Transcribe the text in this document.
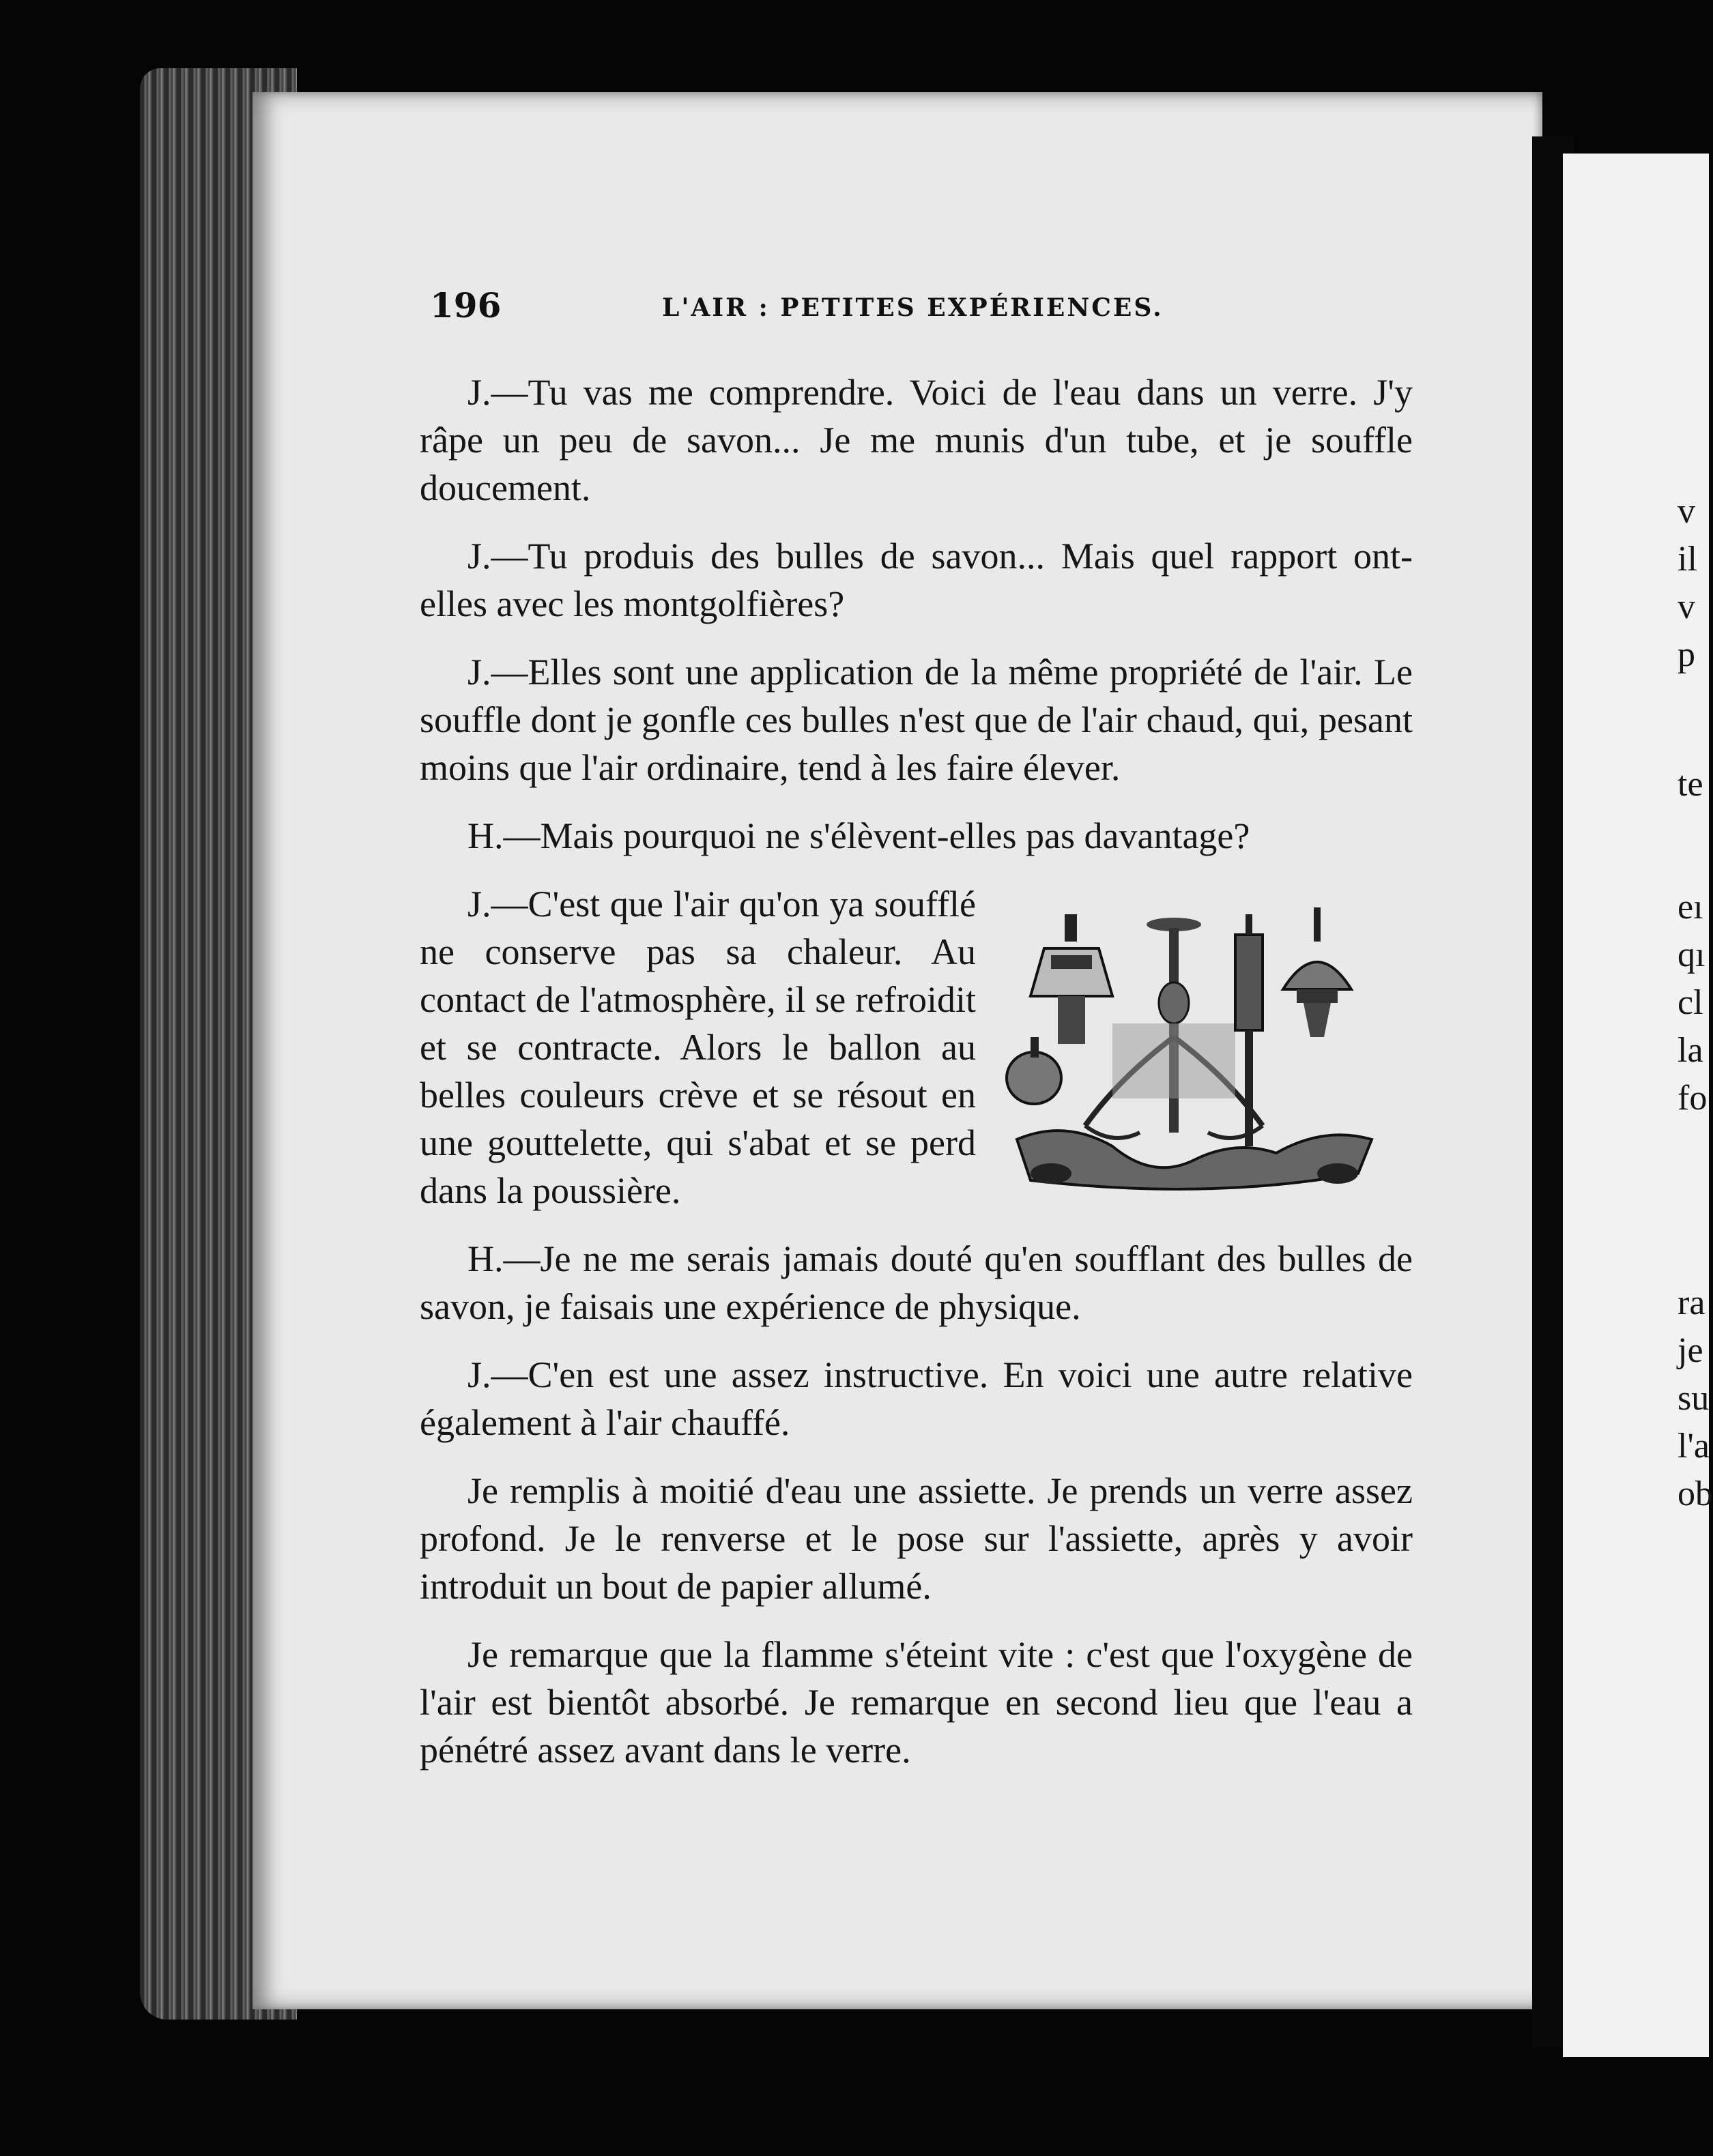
196	L'AIR : PETITES EXPÉRIENCES.

J.—Tu vas me comprendre. Voici de l'eau dans un verre. J'y râpe un peu de savon... Je me munis d'un tube, et je souffle doucement.

J.—Tu produis des bulles de savon... Mais quel rapport ont-elles avec les montgolfières?

J.—Elles sont une application de la même propriété de l'air. Le souffle dont je gonfle ces bulles n'est que de l'air chaud, qui, pesant moins que l'air ordinaire, tend à les faire élever.

H.—Mais pourquoi ne s'élèvent-elles pas davantage?

J.—C'est que l'air qu'on ya soufflé ne conserve pas sa chaleur. Au contact de l'atmosphère, il se refroidit et se contracte. Alors le ballon au belles couleurs crève et se résout en une gouttelette, qui s'abat et se perd dans la poussière.

H.—Je ne me serais jamais douté qu'en soufflant des bulles de savon, je faisais une expérience de physique.

J.—C'en est une assez instructive. En voici une autre relative également à l'air chauffé.

Je remplis à moitié d'eau une assiette. Je prends un verre assez profond. Je le renverse et le pose sur l'assiette, après y avoir introduit un bout de papier allumé.

Je remarque que la flamme s'éteint vite : c'est que l'oxygène de l'air est bientôt absorbé. Je remarque en second lieu que l'eau a pénétré assez avant dans le verre.

v
il
v
p
te
eı
qı
cl
la
fo
ra
je
su
l'a
ob
